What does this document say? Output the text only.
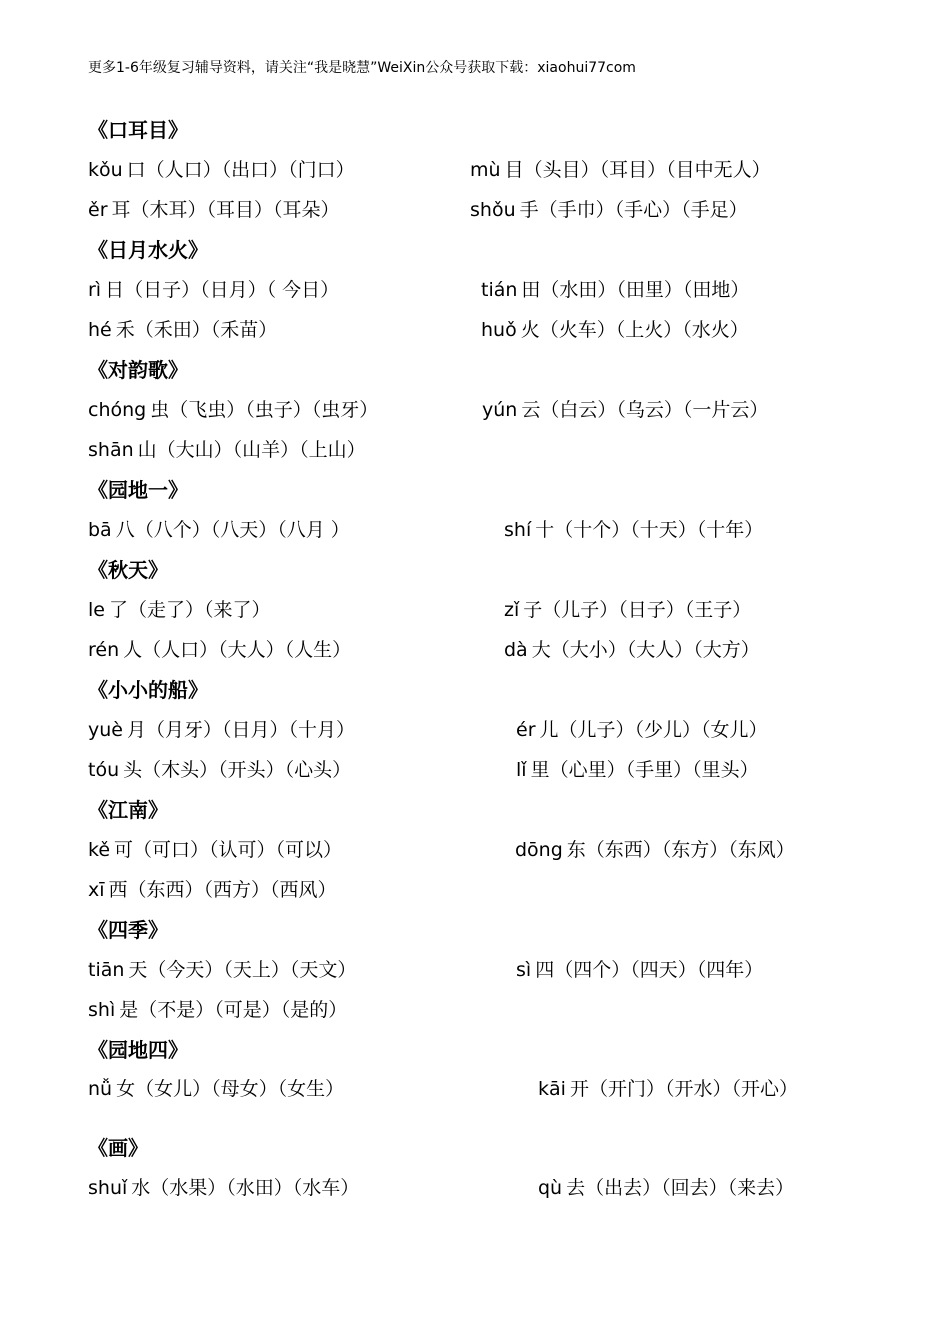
更多1-6年级复习辅导资料，请关注“我是晓慧”WeiXin公众号获取下载：xiaohui77com
《口耳目》
kǒu 口（人口）（出口）（门口）	mù 目（头目）（耳目）（目中无人）
ěr 耳（木耳）（耳目）（耳朵）	shǒu 手（手巾）（手心）（手足）
《日月水火》
rì 日（日子）（日月）（ 今日）	tián 田（水田）（田里）（田地）
hé 禾（禾田）（禾苗）	huǒ 火（火车）（上火）（水火）
《对韵歌》
chóng 虫（飞虫）（虫子）（虫牙）	yún 云（白云）（乌云）（一片云）
shān 山（大山）（山羊）（上山）
《园地一》
bā 八（八个）（八天）（八月 ）	shí 十（十个）（十天）（十年）
《秋天》
le 了（走了）（来了）	zǐ 子（儿子）（日子）（王子）
rén 人（人口）（大人）（人生）	dà 大（大小）（大人）（大方）
《小小的船》
yuè 月（月牙）（日月）（十月）	ér 儿（儿子）（少儿）（女儿）
tóu 头（木头）（开头）（心头）	lǐ 里（心里）（手里）（里头）
《江南》
kě 可（可口）（认可）（可以）	dōng 东（东西）（东方）（东风）
xī 西（东西）（西方）（西风）
《四季》
tiān 天（今天）（天上）（天文）	sì 四（四个）（四天）（四年）
shì 是（不是）（可是）（是的）
《园地四》
nǚ 女（女儿）（母女）（女生）	kāi 开（开门）（开水）（开心）
《画》
shuǐ 水（水果）（水田）（水车）	qù 去（出去）（回去）（来去）
